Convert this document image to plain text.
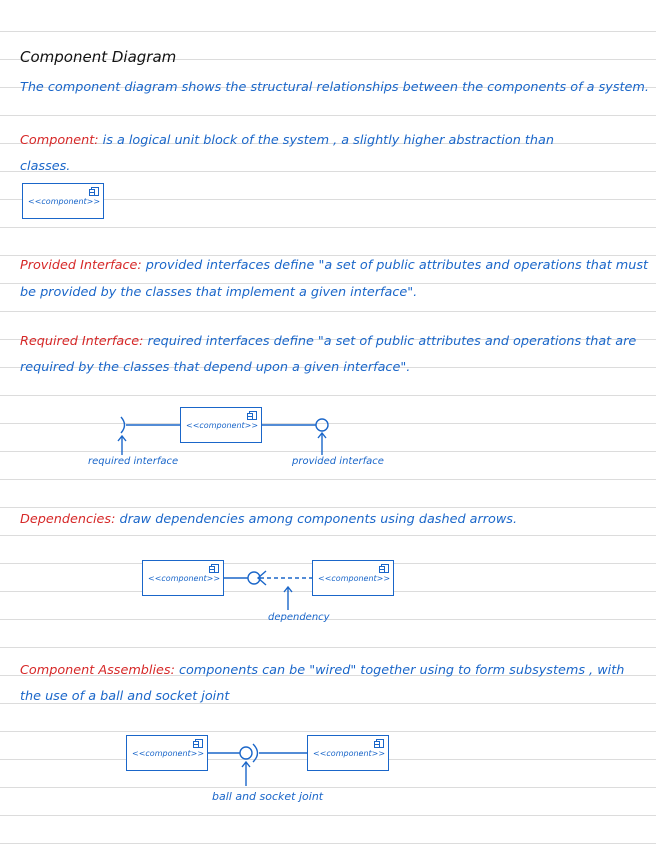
Component Diagram
The component diagram shows the structural relationships between the components of a system.
Component: is a logical unit block of the system , a slightly higher abstraction than
classes.
<<component>>
Provided Interface: provided interfaces define "a set of public attributes and operations that must
be provided by the classes that implement a given interface".
Required Interface: required interfaces define "a set of public attributes and operations that are
required by the classes that depend upon a given interface".
<<component>>
required interface	provided interface
Dependencies: draw dependencies among components using dashed arrows.
<<component>>	<<component>>
dependency
Component Assemblies: components can be "wired" together using to form subsystems , with
the use of a ball and socket joint
<<component>>	<<component>>
ball and socket joint
